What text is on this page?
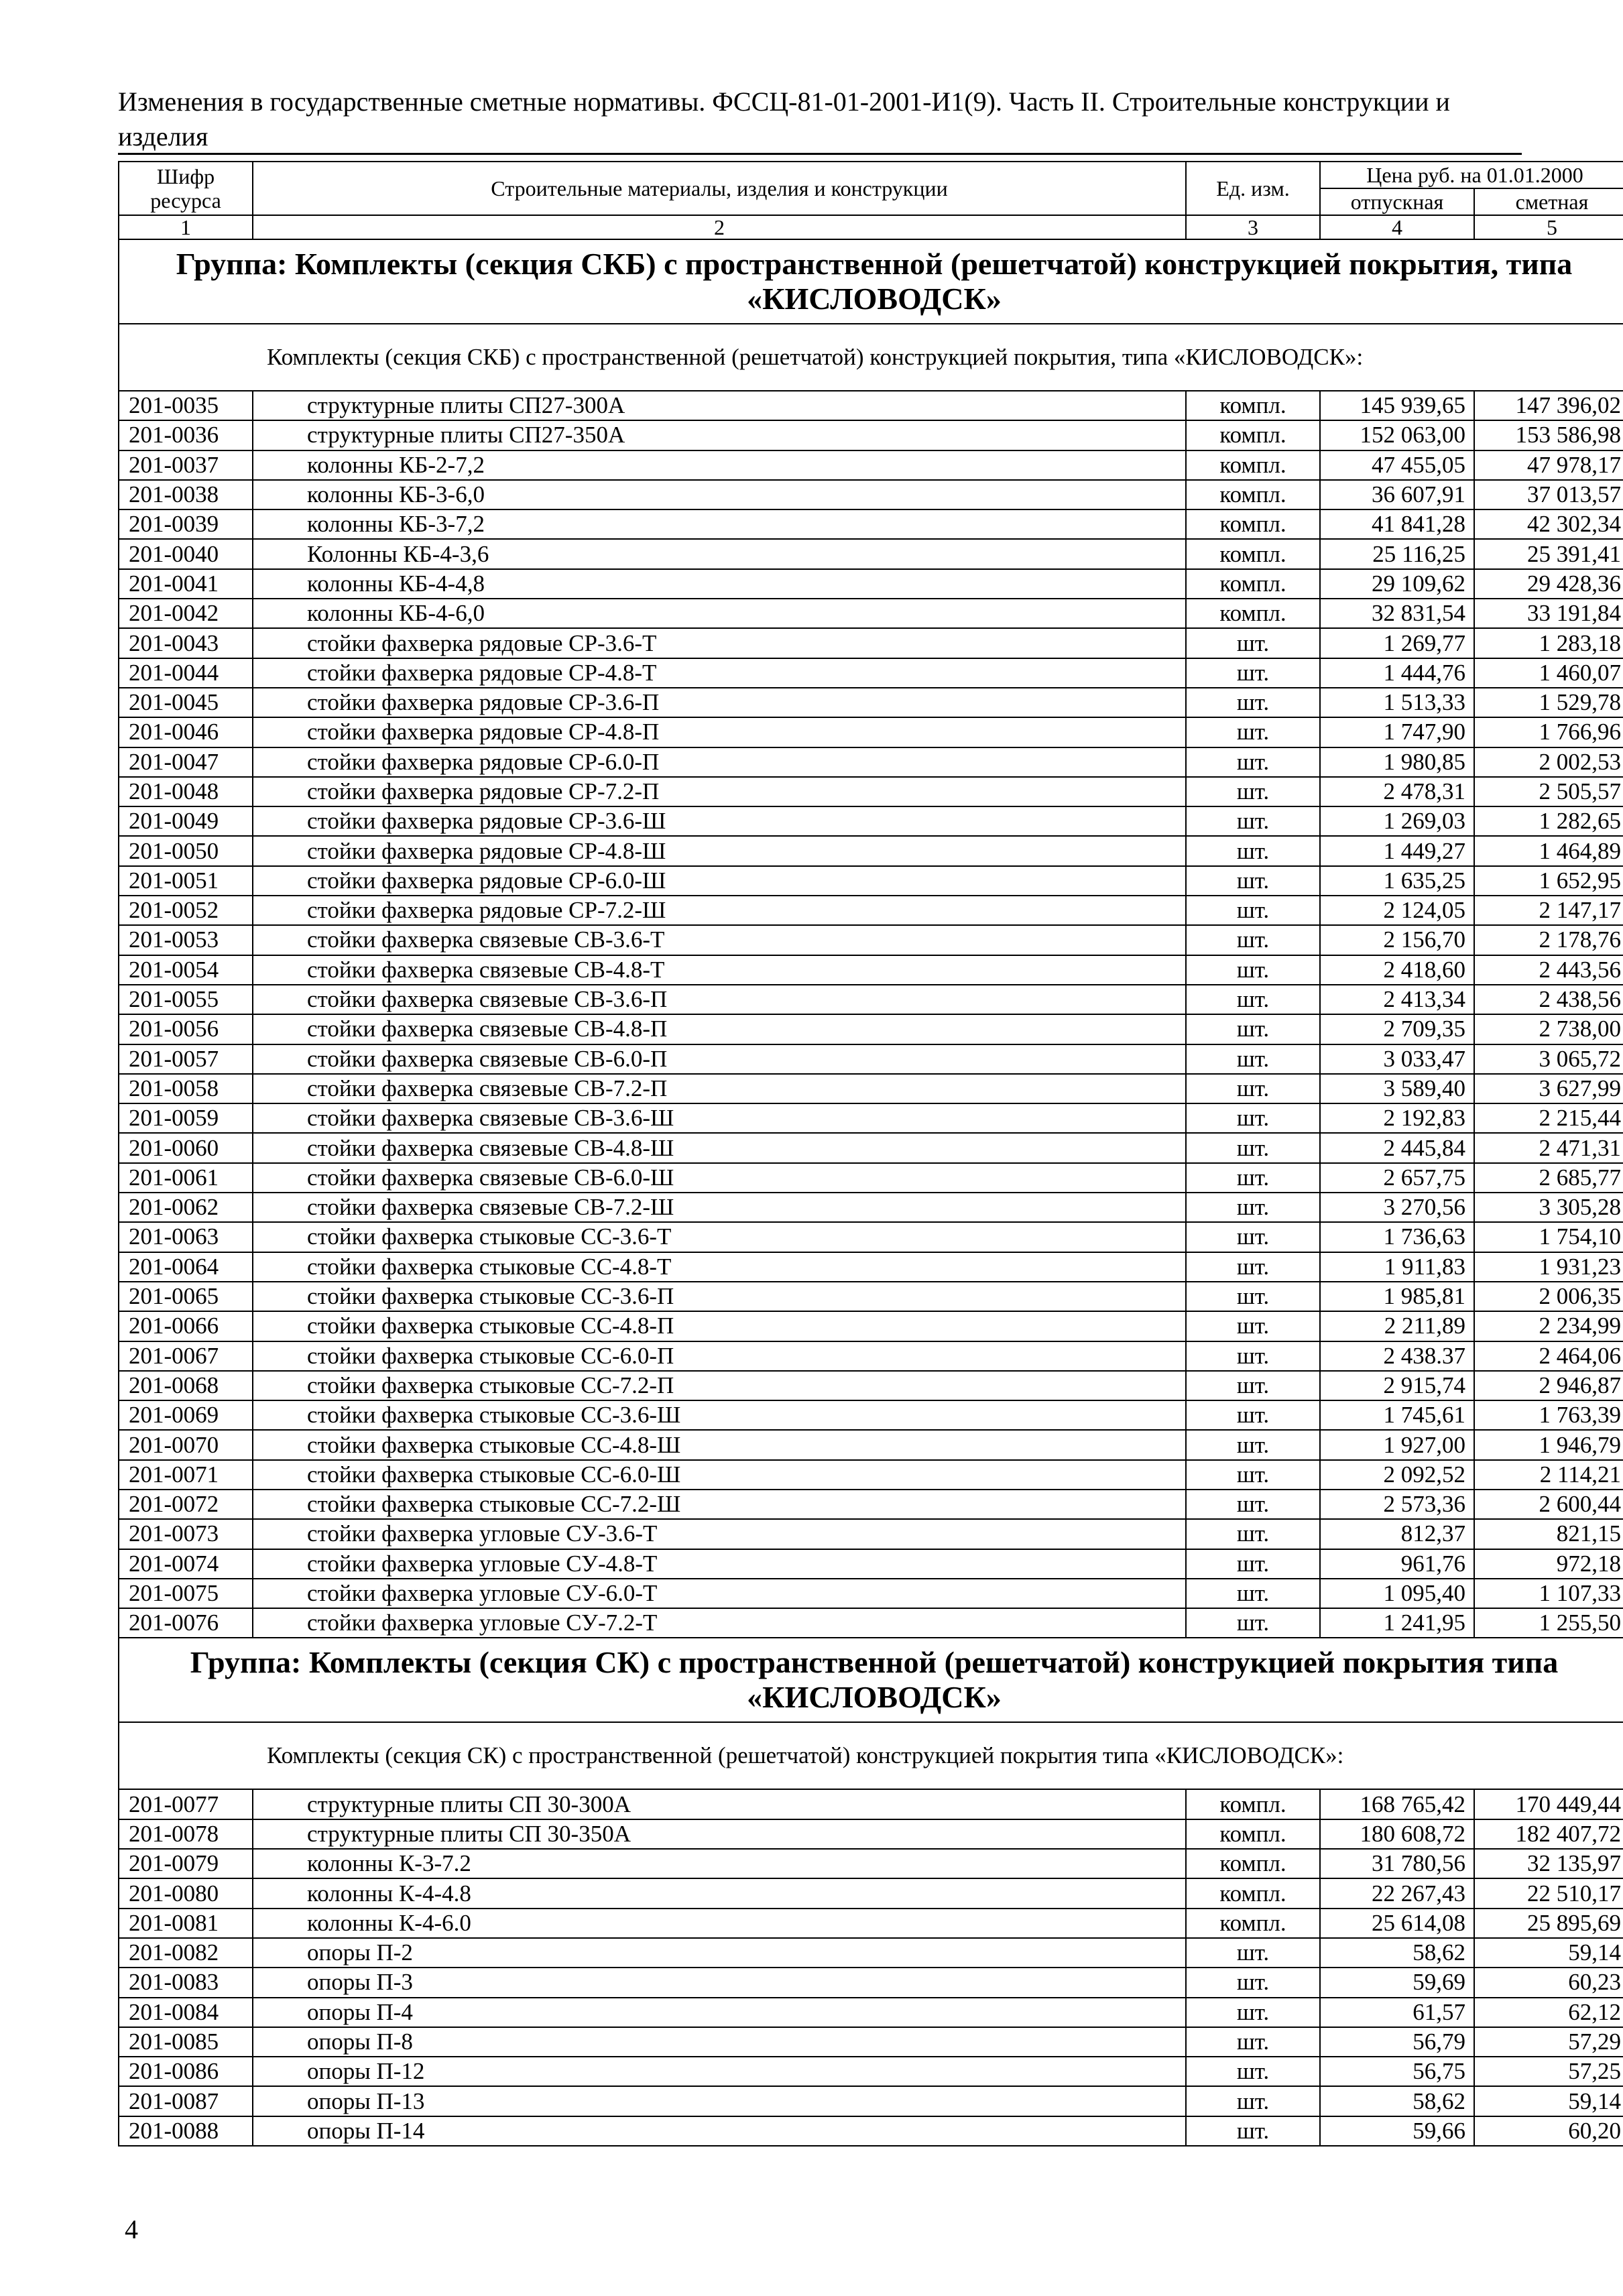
Изменения в государственные сметные нормативы. ФССЦ-81-01-2001-И1(9). Часть II. Строительные конструкции и изделия
Шифр ресурса	Строительные материалы, изделия и конструкции	Ед. изм.	Цена руб. на 01.01.2000	
			отпускная	сметная
1	2	3	4	5
Группа: Комплекты (секция СКБ) с пространственной (решетчатой) конструкцией покрытия, типа «КИСЛОВОДСК»				
Комплекты (секция СКБ) с пространственной (решетчатой) конструкцией покрытия, типа «КИСЛОВОДСК»:				
201-0035	структурные плиты СП27-300А	компл.	145 939,65	147 396,02
201-0036	структурные плиты СП27-350А	компл.	152 063,00	153 586,98
201-0037	колонны КБ-2-7,2	компл.	47 455,05	47 978,17
201-0038	колонны КБ-3-6,0	компл.	36 607,91	37 013,57
201-0039	колонны КБ-3-7,2	компл.	41 841,28	42 302,34
201-0040	Колонны КБ-4-3,6	компл.	25 116,25	25 391,41
201-0041	колонны КБ-4-4,8	компл.	29 109,62	29 428,36
201-0042	колонны КБ-4-6,0	компл.	32 831,54	33 191,84
201-0043	стойки фахверка рядовые СР-3.6-Т	шт.	1 269,77	1 283,18
201-0044	стойки фахверка рядовые СР-4.8-Т	шт.	1 444,76	1 460,07
201-0045	стойки фахверка рядовые СР-3.6-П	шт.	1 513,33	1 529,78
201-0046	стойки фахверка рядовые СР-4.8-П	шт.	1 747,90	1 766,96
201-0047	стойки фахверка рядовые СР-6.0-П	шт.	1 980,85	2 002,53
201-0048	стойки фахверка рядовые СР-7.2-П	шт.	2 478,31	2 505,57
201-0049	стойки фахверка рядовые СР-3.6-Ш	шт.	1 269,03	1 282,65
201-0050	стойки фахверка рядовые СР-4.8-Ш	шт.	1 449,27	1 464,89
201-0051	стойки фахверка рядовые СР-6.0-Ш	шт.	1 635,25	1 652,95
201-0052	стойки фахверка рядовые СР-7.2-Ш	шт.	2 124,05	2 147,17
201-0053	стойки фахверка связевые СВ-3.6-Т	шт.	2 156,70	2 178,76
201-0054	стойки фахверка связевые СВ-4.8-Т	шт.	2 418,60	2 443,56
201-0055	стойки фахверка связевые СВ-3.6-П	шт.	2 413,34	2 438,56
201-0056	стойки фахверка связевые СВ-4.8-П	шт.	2 709,35	2 738,00
201-0057	стойки фахверка связевые СВ-6.0-П	шт.	3 033,47	3 065,72
201-0058	стойки фахверка связевые СВ-7.2-П	шт.	3 589,40	3 627,99
201-0059	стойки фахверка связевые СВ-3.6-Ш	шт.	2 192,83	2 215,44
201-0060	стойки фахверка связевые СВ-4.8-Ш	шт.	2 445,84	2 471,31
201-0061	стойки фахверка связевые СВ-6.0-Ш	шт.	2 657,75	2 685,77
201-0062	стойки фахверка связевые СВ-7.2-Ш	шт.	3 270,56	3 305,28
201-0063	стойки фахверка стыковые СС-3.6-Т	шт.	1 736,63	1 754,10
201-0064	стойки фахверка стыковые СС-4.8-Т	шт.	1 911,83	1 931,23
201-0065	стойки фахверка стыковые СС-3.6-П	шт.	1 985,81	2 006,35
201-0066	стойки фахверка стыковые СС-4.8-П	шт.	2 211,89	2 234,99
201-0067	стойки фахверка стыковые СС-6.0-П	шт.	2 438.37	2 464,06
201-0068	стойки фахверка стыковые СС-7.2-П	шт.	2 915,74	2 946,87
201-0069	стойки фахверка стыковые СС-3.6-Ш	шт.	1 745,61	1 763,39
201-0070	стойки фахверка стыковые СС-4.8-Ш	шт.	1 927,00	1 946,79
201-0071	стойки фахверка стыковые СС-6.0-Ш	шт.	2 092,52	2 114,21
201-0072	стойки фахверка стыковые СС-7.2-Ш	шт.	2 573,36	2 600,44
201-0073	стойки фахверка угловые СУ-3.6-Т	шт.	812,37	821,15
201-0074	стойки фахверка угловые СУ-4.8-Т	шт.	961,76	972,18
201-0075	стойки фахверка угловые СУ-6.0-Т	шт.	1 095,40	1 107,33
201-0076	стойки фахверка угловые СУ-7.2-Т	шт.	1 241,95	1 255,50
Группа: Комплекты (секция СК) с пространственной (решетчатой) конструкцией покрытия типа «КИСЛОВОДСК»				
Комплекты (секция СК) с пространственной (решетчатой) конструкцией покрытия типа «КИСЛОВОДСК»:				
201-0077	структурные плиты СП 30-300А	компл.	168 765,42	170 449,44
201-0078	структурные плиты СП 30-350А	компл.	180 608,72	182 407,72
201-0079	колонны К-3-7.2	компл.	31 780,56	32 135,97
201-0080	колонны К-4-4.8	компл.	22 267,43	22 510,17
201-0081	колонны К-4-6.0	компл.	25 614,08	25 895,69
201-0082	опоры П-2	шт.	58,62	59,14
201-0083	опоры П-3	шт.	59,69	60,23
201-0084	опоры П-4	шт.	61,57	62,12
201-0085	опоры П-8	шт.	56,79	57,29
201-0086	опоры П-12	шт.	56,75	57,25
201-0087	опоры П-13	шт.	58,62	59,14
201-0088	опоры П-14	шт.	59,66	60,20
4
